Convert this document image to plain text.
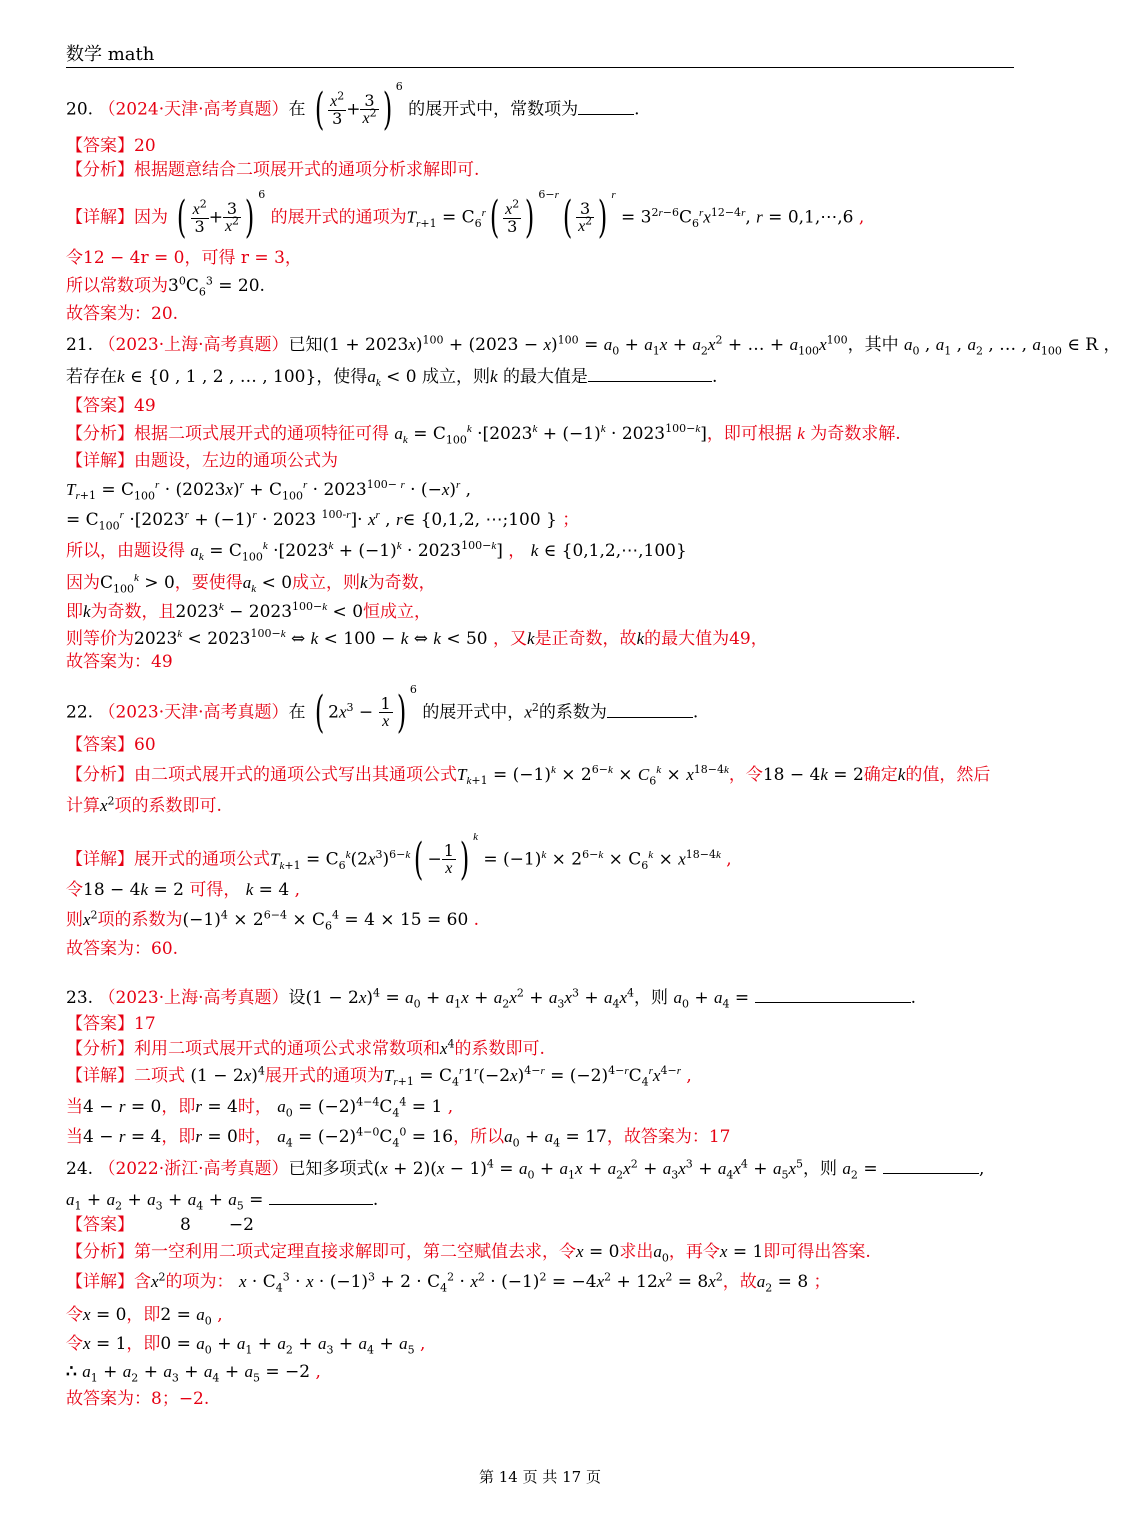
数学 math
20. （2024·天津·高考真题）在 ( $\frac{x^2}{3} + \frac{3}{x^2}$ ) $^6$ 的展开式中，常数项为	.
【答案】20
【分析】根据题意结合二项展开式的通项分析求解即可.
【详解】因为 ( $\frac{x^2}{3} + \frac{3}{x^2}$ ) $^6$ 的展开式的通项为$T_{r+1} = C_6^r( \frac{x^2}{3}$ ) $^{6-r}( \frac{3}{x^2}$ ) $^r = 3^{2r-6}C_6^rx^{12-4r}$, r = 0,1,⋯,6 ,
令12 − 4r = 0，可得 r = 3，
所以常数项为$3^0C_6^3 = 20$.
故答案为：20.
21. （2023·上海·高考真题）已知$(1 + 2023x)^{100} + (2023 - x)^{100} = a_0 + a_1x + a_2x^2$ + … + $a_{100}x^{100}$，其中 $a_0$ , $a_1$ , $a_2$ , … , $a_{100}$ ∈ R ，
若存在k ∈ {0 , 1 , 2 , … , 100}，使得$a_k < 0$ 成立，则k 的最大值是	.
【答案】49
【分析】根据二项式展开式的通项特征可得 $a_k = C_{100}^k \cdot[2023^k + (-1)^k \cdot 2023^{100-k}]$，即可根据 k 为奇数求解.
【详解】由题设，左边的通项公式为
$T_{r+1} = C_{100}^r \cdot (2023x)^r + C_{100}^r \cdot 2023^{100- r} \cdot (-x)^r$ ,
= $C_{100}^r \cdot[2023^r + (-1)^r \cdot 2023$ $^{100-r}]\cdot x^r$ , r∈ {0,1,2, ⋯;100 } ；
所以，由题设得 $a_k = C_{100}^k \cdot[2023^k + (-1)^k \cdot 2023^{100-k}]$ ， k ∈ {0,1,2,⋯,100}
因为$C_{100}^k > 0$，要使得$a_k < 0$成立，则k为奇数，
即k为奇数，且$2023^k - 2023^{100-k} < 0$恒成立，
则等价为$2023^k < 2023^{100-k}$ ⇔ k < 100 − k ⇔ k < 50 ，又k是正奇数，故k的最大值为49，
故答案为：49
22. （2023·天津·高考真题）在 ( $2x^3 - \frac{1}{x}$ ) $^6$ 的展开式中，$x^2$的系数为	.
【答案】60
【分析】由二项式展开式的通项公式写出其通项公式$T_{k+1} = (-1)^k \times 2^{6-k} \times C_6^k \times x^{18-4k}$，令18 − 4k = 2确定k的值，然后
计算$x^2$项的系数即可.
【详解】展开式的通项公式$T_{k+1} = C_6^k(2x^3)^{6-k}( - \frac{1}{x}$ ) $^k = (-1)^k \times 2^{6-k} \times C_6^k \times x^{18-4k}$ ,
令18 − 4k = 2 可得， k = 4 ,
则$x^2$项的系数为$(-1)^4 \times 2^{6-4} \times C_6^4 = 4 \times 15 = 60$ .
故答案为：60.
23. （2023·上海·高考真题）设$(1 - 2x)^4 = a_0 + a_1x + a_2x^2 + a_3x^3 + a_4x^4$，则 $a_0 + a_4$ =	.
【答案】17
【分析】利用二项式展开式的通项公式求常数项和$x^4$的系数即可.
【详解】二项式 $(1 - 2x)^4$展开式的通项为$T_{r+1} = C_4^r1^r(-2x)^{4-r} = (-2)^{4-r}C_4^rx^{4-r}$ ,
当4 − r = 0，即r = 4时， $a_0 = (-2)^{4-4}C_4^4 = 1$ ,
当4 − r = 4，即r = 0时， $a_4 = (-2)^{4-0}C_4^0 = 16$，所以$a_0 + a_4 = 17$，故答案为：17
24. （2022·浙江·高考真题）已知多项式$(x + 2)(x - 1)^4 = a_0 + a_1x + a_2x^2 + a_3x^3 + a_4x^4 + a_5x^5$，则 $a_2$ =	,
$a_1 + a_2 + a_3 + a_4 + a_5$ =	.
【答案】	8 −2
【分析】第一空利用二项式定理直接求解即可，第二空赋值去求，令x = 0求出$a_0$，再令x = 1即可得出答案.
【详解】含$x^2$的项为： $x \cdot C_4^3 \cdot x \cdot (-1)^3 + 2 \cdot C_4^2 \cdot x^2 \cdot (-1)^2 = -4x^2 + 12x^2 = 8x^2$，故$a_2 = 8$ ；
令x = 0，即$2 = a_0$ ,
令x = 1，即$0 = a_0 + a_1 + a_2 + a_3 + a_4 + a_5$ ,
∴ $a_1 + a_2 + a_3 + a_4 + a_5 = -2$ ,
故答案为：8；−2.
第 14 页 共 17 页
